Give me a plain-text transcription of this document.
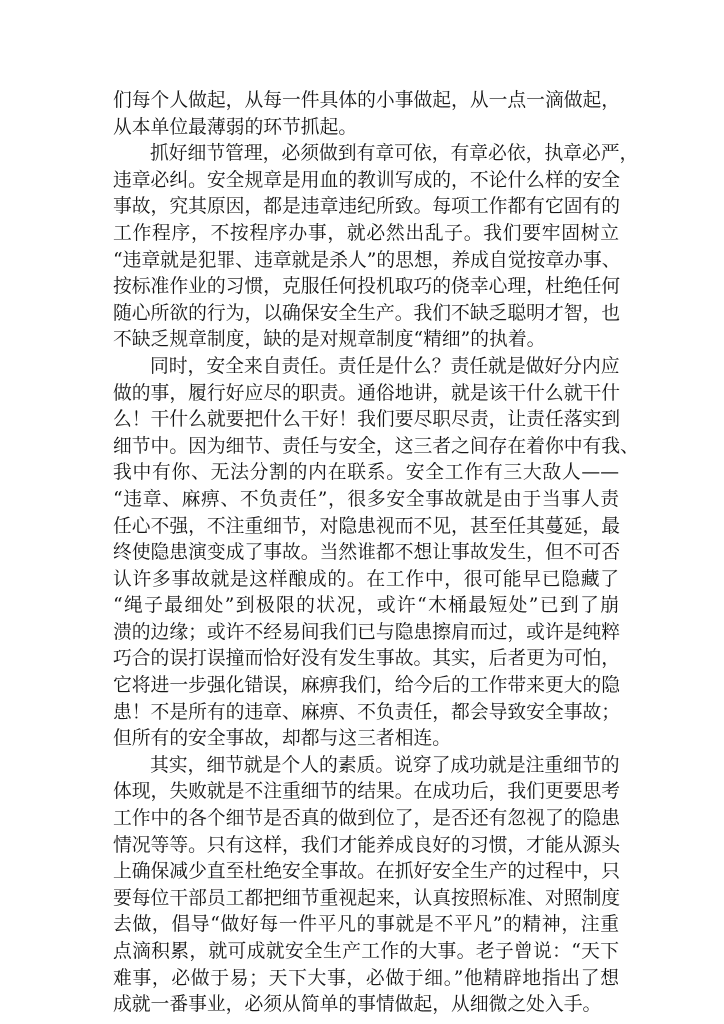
们每个人做起，从每一件具体的小事做起，从一点一滴做起，
从本单位最薄弱的环节抓起。
抓好细节管理，必须做到有章可依，有章必依，执章必严，
违章必纠。安全规章是用血的教训写成的，不论什么样的安全
事故，究其原因，都是违章违纪所致。每项工作都有它固有的
工作程序，不按程序办事，就必然出乱子。我们要牢固树立
“违章就是犯罪、违章就是杀人”的思想，养成自觉按章办事、
按标准作业的习惯，克服任何投机取巧的侥幸心理，杜绝任何
随心所欲的行为，以确保安全生产。我们不缺乏聪明才智，也
不缺乏规章制度，缺的是对规章制度“精细”的执着。
同时，安全来自责任。责任是什么？责任就是做好分内应
做的事，履行好应尽的职责。通俗地讲，就是该干什么就干什
么！干什么就要把什么干好！我们要尽职尽责，让责任落实到
细节中。因为细节、责任与安全，这三者之间存在着你中有我、
我中有你、无法分割的内在联系。安全工作有三大敌人——
“违章、麻痹、不负责任”，很多安全事故就是由于当事人责
任心不强，不注重细节，对隐患视而不见，甚至任其蔓延，最
终使隐患演变成了事故。当然谁都不想让事故发生，但不可否
认许多事故就是这样酿成的。在工作中，很可能早已隐藏了
“绳子最细处”到极限的状况，或许“木桶最短处”已到了崩
溃的边缘；或许不经易间我们已与隐患擦肩而过，或许是纯粹
巧合的误打误撞而恰好没有发生事故。其实，后者更为可怕，
它将进一步强化错误，麻痹我们，给今后的工作带来更大的隐
患！不是所有的违章、麻痹、不负责任，都会导致安全事故；
但所有的安全事故，却都与这三者相连。
其实，细节就是个人的素质。说穿了成功就是注重细节的
体现，失败就是不注重细节的结果。在成功后，我们更要思考
工作中的各个细节是否真的做到位了，是否还有忽视了的隐患
情况等等。只有这样，我们才能养成良好的习惯，才能从源头
上确保减少直至杜绝安全事故。在抓好安全生产的过程中，只
要每位干部员工都把细节重视起来，认真按照标准、对照制度
去做，倡导“做好每一件平凡的事就是不平凡”的精神，注重
点滴积累，就可成就安全生产工作的大事。老子曾说：“天下
难事，必做于易；天下大事，必做于细。”他精辟地指出了想
成就一番事业，必须从简单的事情做起，从细微之处入手。
